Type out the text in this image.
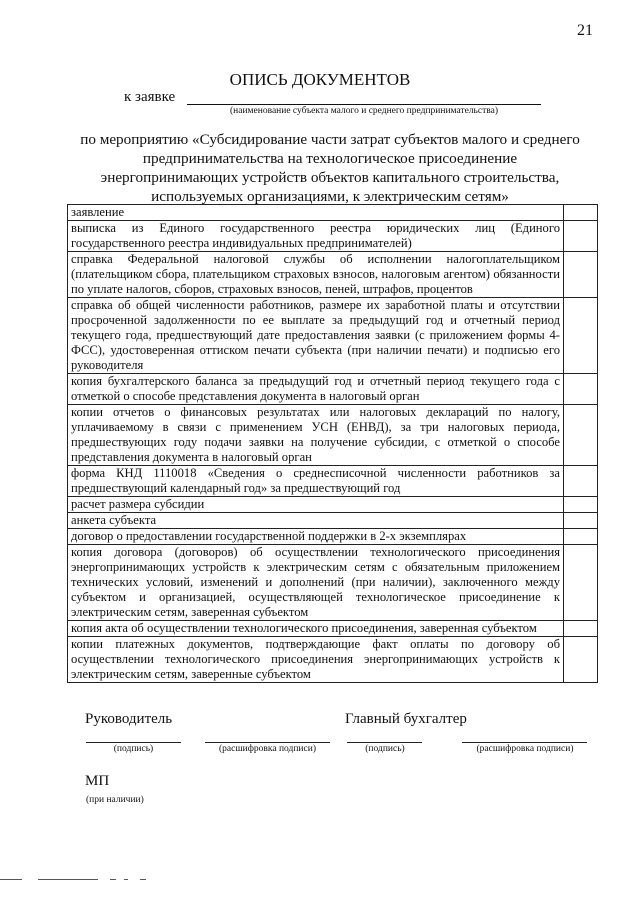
21
ОПИСЬ ДОКУМЕНТОВ
к заявке
(наименование субъекта малого и среднего предпринимательства)
по мероприятию «Субсидирование части затрат субъектов малого и среднего предпринимательства на технологическое присоединение энергопринимающих устройств объектов капитального строительства, используемых организациями, к электрическим сетям»
заявление	
выписка из Единого государственного реестра юридических лиц (Единого государственного реестра индивидуальных предпринимателей)	
справка Федеральной налоговой службы об исполнении налогоплательщиком (плательщиком сбора, плательщиком страховых взносов, налоговым агентом) обязанности по уплате налогов, сборов, страховых взносов, пеней, штрафов, процентов	
справка об общей численности работников, размере их заработной платы и отсутствии просроченной задолженности по ее выплате за предыдущий год и отчетный период текущего года, предшествующий дате предоставления заявки (с приложением формы 4-ФСС), удостоверенная оттиском печати субъекта (при наличии печати) и подписью его руководителя	
копия бухгалтерского баланса за предыдущий год и отчетный период текущего года с отметкой о способе представления документа в налоговый орган	
копии отчетов о финансовых результатах или налоговых деклараций по налогу, уплачиваемому в связи с применением УСН (ЕНВД), за три налоговых периода, предшествующих году подачи заявки на получение субсидии, с отметкой о способе представления документа в налоговый орган	
форма КНД 1110018 «Сведения о среднесписочной численности работников за предшествующий календарный год» за предшествующий год	
расчет размера субсидии	
анкета субъекта	
договор о предоставлении государственной поддержки в 2-х экземплярах	
копия договора (договоров) об осуществлении технологического присоединения энергопринимающих устройств к электрическим сетям с обязательным приложением технических условий, изменений и дополнений (при наличии), заключенного между субъектом и организацией, осуществляющей технологическое присоединение к электрическим сетям, заверенная субъектом	
копия акта об осуществлении технологического присоединения, заверенная субъектом	
копии платежных документов, подтверждающие факт оплаты по договору об осуществлении технологического присоединения энергопринимающих устройств к электрическим сетям, заверенные субъектом	
Руководитель	Главный бухгалтер
(подпись)	(расшифровка подписи)	(подпись)	(расшифровка подписи)
МП
(при наличии)
